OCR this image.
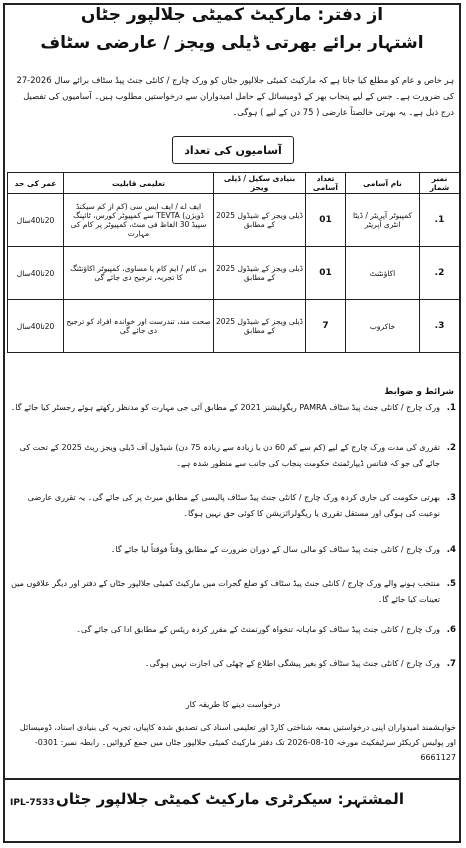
از دفتر: مارکیٹ کمیٹی جلالپور جٹاں
اشتہار برائے بھرتی ڈیلی ویجز / عارضی سٹاف
ہر خاص و عام کو مطلع کیا جاتا ہے کہ مارکیٹ کمیٹی جلالپور جٹاں کو ورک چارج / کانٹی جنٹ پیڈ سٹاف برائے سال 2026-27 کی ضرورت ہے۔ جس کے لیے پنجاب بھر کے ڈومیسائل کے حامل امیدواران سے درخواستیں مطلوب ہیں۔ آسامیوں کی تفصیل درج ذیل ہے۔ یہ بھرتی خالصتاً عارضی ( 75 دن کے لیے ) ہوگی۔
آسامیوں کی تعداد
نمبر شمار	نام آسامی	تعداد آسامی	بنیادی سکیل / ڈیلی ویجز	تعلیمی قابلیت	عمر کی حد
1.	کمپیوٹر آپریٹر / ڈیٹا انٹری آپریٹر	01	ڈیلی ویجز کے شیڈول 2025 کے مطابق	ایف اے / ایف ایس سی (کم از کم سیکنڈ ڈویژن) TEVTA سے کمپیوٹر کورس، ٹائپنگ سپیڈ 30 الفاظ فی منٹ، کمپیوٹر پر کام کی مہارت	20تا40سال
2.	اکاؤنٹنٹ	01	ڈیلی ویجز کے شیڈول 2025 کے مطابق	بی کام / ایم کام یا مساوی، کمپیوٹر اکاؤنٹنگ کا تجربہ، ترجیح دی جائے گی	20تا40سال
3.	خاکروب	7	ڈیلی ویجز کے شیڈول 2025 کے مطابق	صحت مند، تندرست اور خواندہ افراد کو ترجیح دی جائے گی	20تا40سال
شرائط و ضوابط
1.
ورک چارج / کانٹی جنٹ پیڈ سٹاف PAMRA ریگولیشنز 2021 کے مطابق آئی جی مہارت کو مدنظر رکھتے ہوئے رجسٹر کیا جائے گا۔
2.
تقرری کی مدت ورک چارج کے لیے (کم سے کم 60 دن یا زیادہ سے زیادہ 75 دن) شیڈول آف ڈیلی ویجز ریٹ 2025 کے تحت کی جائے گی جو کہ فنانس ڈیپارٹمنٹ حکومت پنجاب کی جانب سے منظور شدہ ہے۔
3.
بھرتی حکومت کی جاری کردہ ورک چارج / کانٹی جنٹ پیڈ سٹاف پالیسی کے مطابق میرٹ پر کی جائے گی۔ یہ تقرری عارضی نوعیت کی ہوگی اور مستقل تقرری یا ریگولرائزیشن کا کوئی حق نہیں ہوگا۔
4.
ورک چارج / کانٹی جنٹ پیڈ سٹاف کو مالی سال کے دوران ضرورت کے مطابق وقتاً فوقتاً لیا جائے گا۔
5.
منتخب ہونے والے ورک چارج / کانٹی جنٹ پیڈ سٹاف کو ضلع گجرات میں مارکیٹ کمیٹی جلالپور جٹاں کے دفتر اور دیگر علاقوں میں تعینات کیا جائے گا۔
6.
ورک چارج / کانٹی جنٹ پیڈ سٹاف کو ماہانہ تنخواہ گورنمنٹ کے مقرر کردہ ریٹس کے مطابق ادا کی جائے گی۔
7.
ورک چارج / کانٹی جنٹ پیڈ سٹاف کو بغیر پیشگی اطلاع کے چھٹی کی اجازت نہیں ہوگی۔
درخواست دینے کا طریقہ کار
خواہشمند امیدواران اپنی درخواستیں بمعہ شناختی کارڈ اور تعلیمی اسناد کی تصدیق شدہ کاپیاں، تجربہ کی بنیادی اسناد، ڈومیسائل اور پولیس کریکٹر سرٹیفکیٹ مورخہ 10-08-2026 تک دفتر مارکیٹ کمیٹی جلالپور جٹاں میں جمع کروائیں۔ رابطہ نمبر: 0301-6661127
المشتہر: سیکرٹری مارکیٹ کمیٹی جلالپور جٹاں
IPL-7533
